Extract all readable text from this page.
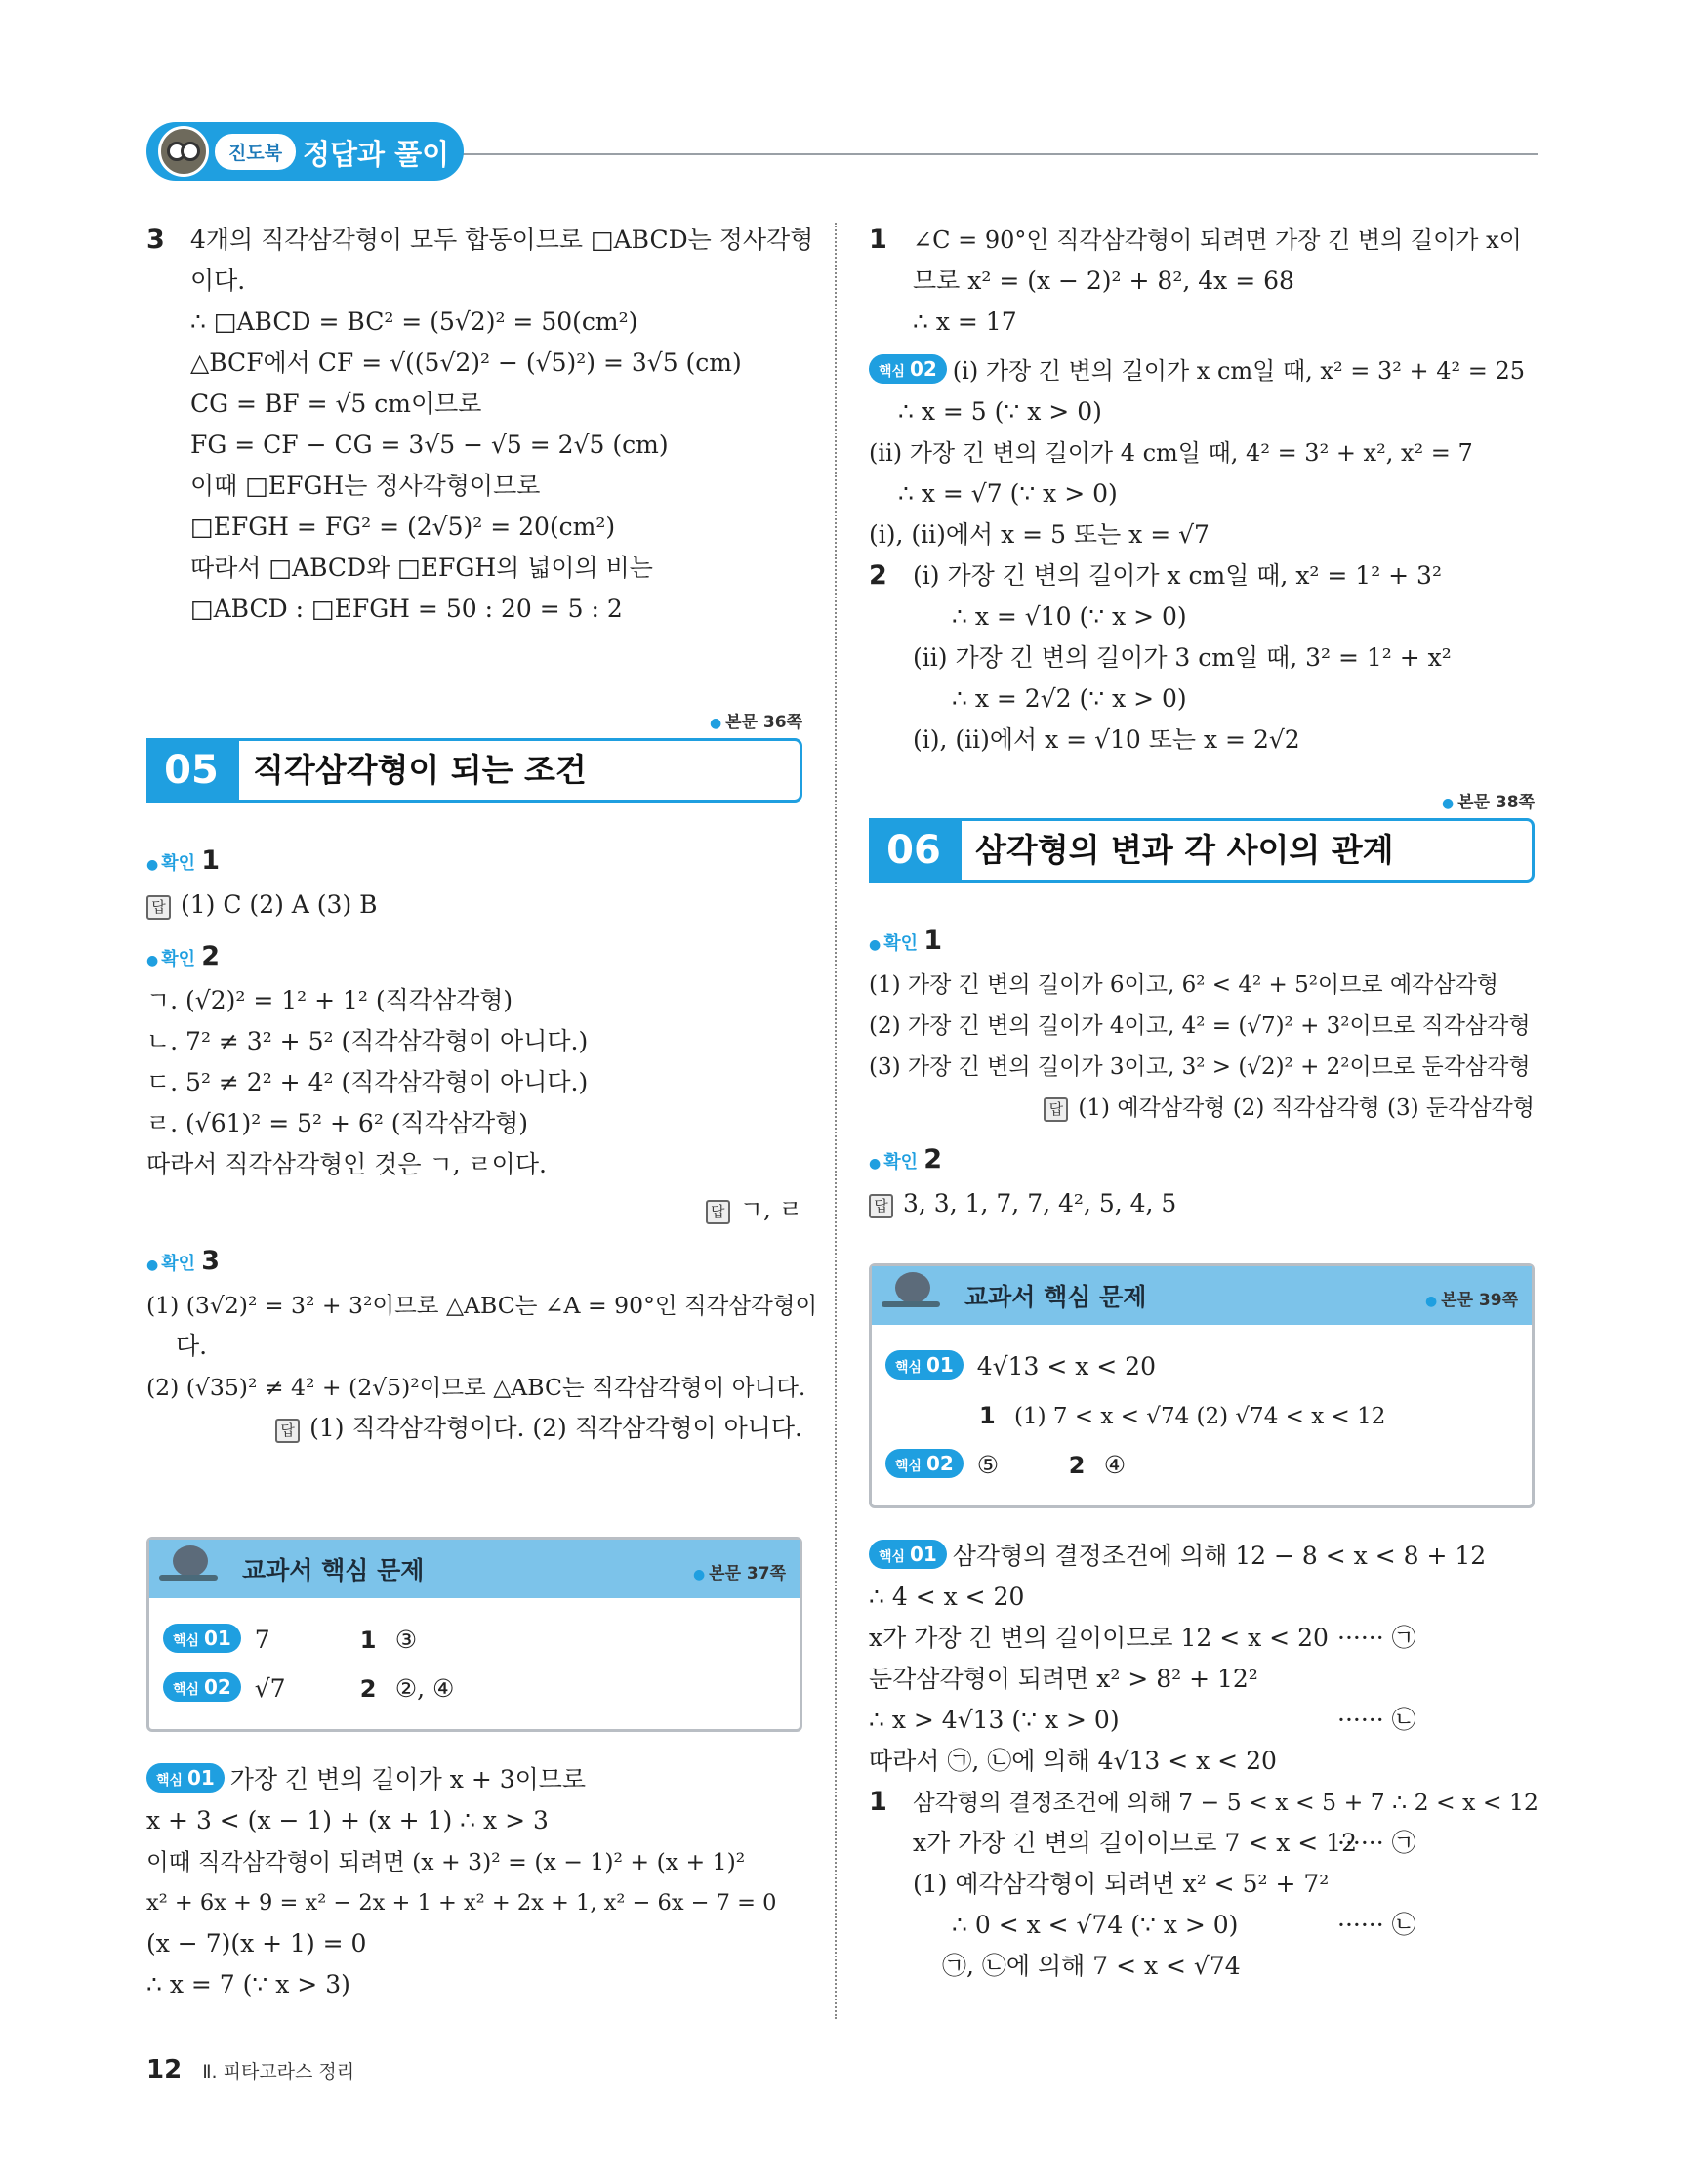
진도북 정답과 풀이
3 4개의 직각삼각형이 모두 합동이므로 □ABCD는 정사각형
이다.
∴ □ABCD = BC² = (5√2)² = 50(cm²)
△BCF에서 CF = √((5√2)² − (√5)²) = 3√5 (cm)
CG = BF = √5 cm이므로
FG = CF − CG = 3√5 − √5 = 2√5 (cm)
이때 □EFGH는 정사각형이므로
□EFGH = FG² = (2√5)² = 20(cm²)
따라서 □ABCD와 □EFGH의 넓이의 비는
□ABCD : □EFGH = 50 : 20 = 5 : 2
● 본문 36쪽
05	직각삼각형이 되는 조건
● 확인 1
답 (1) C (2) A (3) B
● 확인 2
ㄱ. (√2)² = 1² + 1² (직각삼각형)
ㄴ. 7² ≠ 3² + 5² (직각삼각형이 아니다.)
ㄷ. 5² ≠ 2² + 4² (직각삼각형이 아니다.)
ㄹ. (√61)² = 5² + 6² (직각삼각형)
따라서 직각삼각형인 것은 ㄱ, ㄹ이다.
답 ㄱ, ㄹ
● 확인 3
(1) (3√2)² = 3² + 3²이므로 △ABC는 ∠A = 90°인 직각삼각형이
다.
(2) (√35)² ≠ 4² + (2√5)²이므로 △ABC는 직각삼각형이 아니다.
답 (1) 직각삼각형이다. (2) 직각삼각형이 아니다.
교과서 핵심 문제	● 본문 37쪽
핵심 01 7	1 ③
핵심 02 √7	2 ②, ④
핵심 01 가장 긴 변의 길이가 x + 3이므로
x + 3 < (x − 1) + (x + 1) ∴ x > 3
이때 직각삼각형이 되려면 (x + 3)² = (x − 1)² + (x + 1)²
x² + 6x + 9 = x² − 2x + 1 + x² + 2x + 1, x² − 6x − 7 = 0
(x − 7)(x + 1) = 0
∴ x = 7 (∵ x > 3)
1 ∠C = 90°인 직각삼각형이 되려면 가장 긴 변의 길이가 x이
므로 x² = (x − 2)² + 8², 4x = 68
∴ x = 17
핵심 02 (ⅰ) 가장 긴 변의 길이가 x cm일 때, x² = 3² + 4² = 25
∴ x = 5 (∵ x > 0)
(ⅱ) 가장 긴 변의 길이가 4 cm일 때, 4² = 3² + x², x² = 7
∴ x = √7 (∵ x > 0)
(ⅰ), (ⅱ)에서 x = 5 또는 x = √7
2 (ⅰ) 가장 긴 변의 길이가 x cm일 때, x² = 1² + 3²
∴ x = √10 (∵ x > 0)
(ⅱ) 가장 긴 변의 길이가 3 cm일 때, 3² = 1² + x²
∴ x = 2√2 (∵ x > 0)
(ⅰ), (ⅱ)에서 x = √10 또는 x = 2√2
● 본문 38쪽
06	삼각형의 변과 각 사이의 관계
● 확인 1
(1) 가장 긴 변의 길이가 6이고, 6² < 4² + 5²이므로 예각삼각형
(2) 가장 긴 변의 길이가 4이고, 4² = (√7)² + 3²이므로 직각삼각형
(3) 가장 긴 변의 길이가 3이고, 3² > (√2)² + 2²이므로 둔각삼각형
답 (1) 예각삼각형 (2) 직각삼각형 (3) 둔각삼각형
● 확인 2
답 3, 3, 1, 7, 7, 4², 5, 4, 5
교과서 핵심 문제	● 본문 39쪽
핵심 01 4√13 < x < 20
1 (1) 7 < x < √74 (2) √74 < x < 12
핵심 02 ⑤	2 ④
핵심 01 삼각형의 결정조건에 의해 12 − 8 < x < 8 + 12
∴ 4 < x < 20
x가 가장 긴 변의 길이이므로 12 < x < 20 ······ ㉠
둔각삼각형이 되려면 x² > 8² + 12²
∴ x > 4√13 (∵ x > 0)	······ ㉡
따라서 ㉠, ㉡에 의해 4√13 < x < 20
1 삼각형의 결정조건에 의해 7 − 5 < x < 5 + 7 ∴ 2 < x < 12
x가 가장 긴 변의 길이이므로 7 < x < 12······ ㉠
(1) 예각삼각형이 되려면 x² < 5² + 7²
∴ 0 < x < √74 (∵ x > 0)	······ ㉡
㉠, ㉡에 의해 7 < x < √74
12 Ⅱ. 피타고라스 정리
